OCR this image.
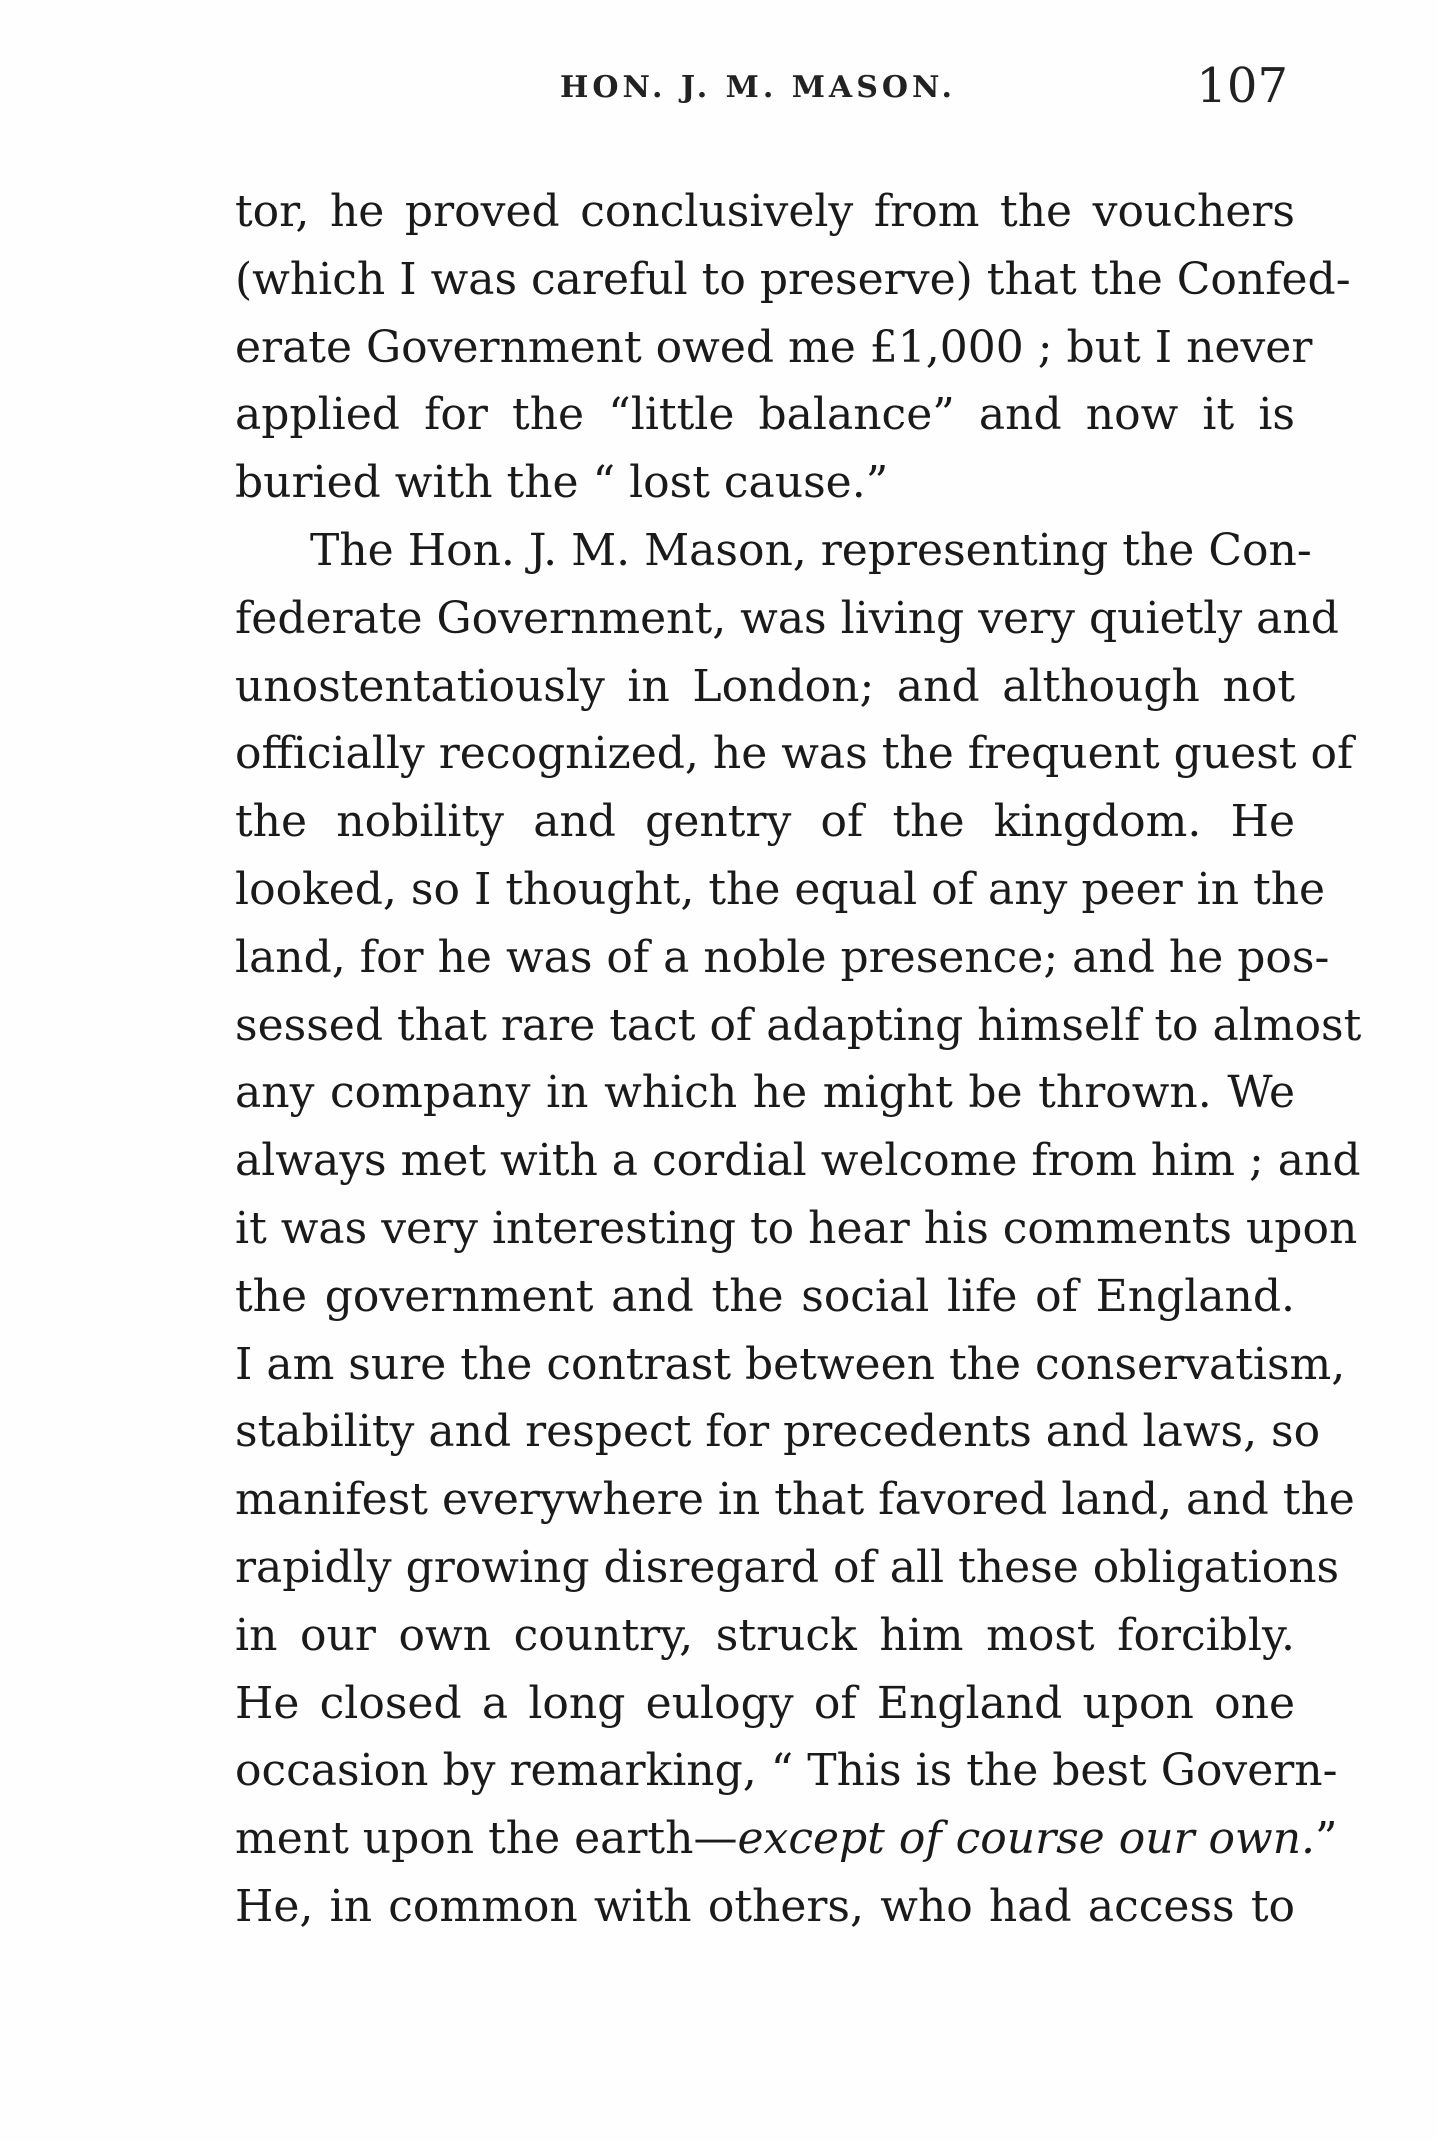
HON. J. M. MASON.	107
tor, he proved conclusively from the vouchers
(which I was careful to preserve) that the Confed-
erate Government owed me £1,000 ; but I never
applied for the “little balance” and now it is
buried with the “ lost cause.”
The Hon. J. M. Mason, representing the Con-
federate Government, was living very quietly and
unostentatiously in London; and although not
officially recognized, he was the frequent guest of
the nobility and gentry of the kingdom. He
looked, so I thought, the equal of any peer in the
land, for he was of a noble presence; and he pos-
sessed that rare tact of adapting himself to almost
any company in which he might be thrown. We
always met with a cordial welcome from him ; and
it was very interesting to hear his comments upon
the government and the social life of England.
I am sure the contrast between the conservatism,
stability and respect for precedents and laws, so
manifest everywhere in that favored land, and the
rapidly growing disregard of all these obligations
in our own country, struck him most forcibly.
He closed a long eulogy of England upon one
occasion by remarking, “ This is the best Govern-
ment upon the earth—except of course our own.”
He, in common with others, who had access to
